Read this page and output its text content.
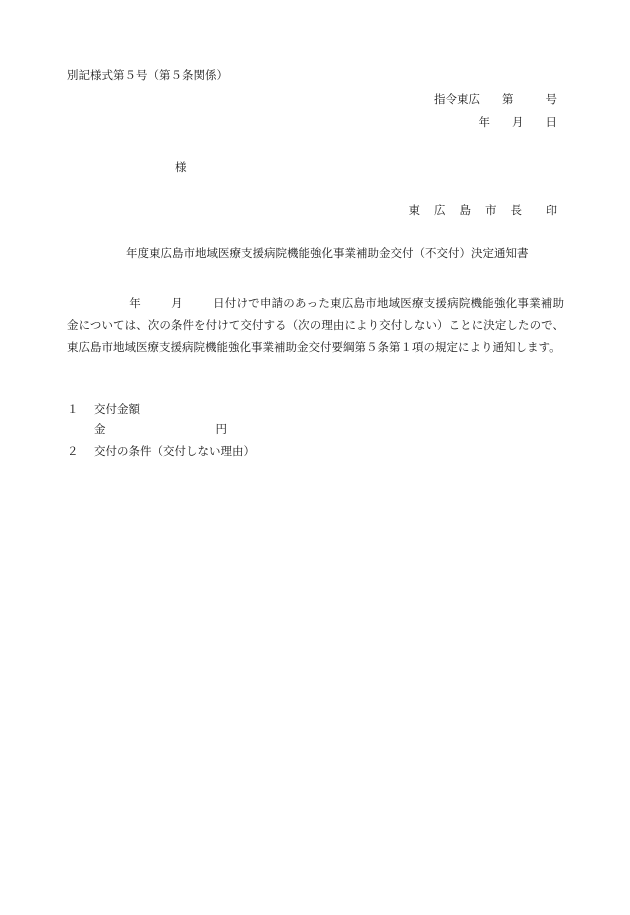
別記様式第５号（第５条関係）
指令東広 第	号
年 月 日
様
東 広 島 市 長 印
年度東広島市地域医療支援病院機能強化事業補助金交付（不交付）決定通知書
年	月	日付けで申請のあった東広島市地域医療支援病院機能強化事業補助金については、次の条件を付けて交付する（次の理由により交付しない）ことに決定したので、東広島市地域医療支援病院機能強化事業補助金交付要綱第５条第１項の規定により通知します。
１ 交付金額
金	円
２ 交付の条件（交付しない理由）
